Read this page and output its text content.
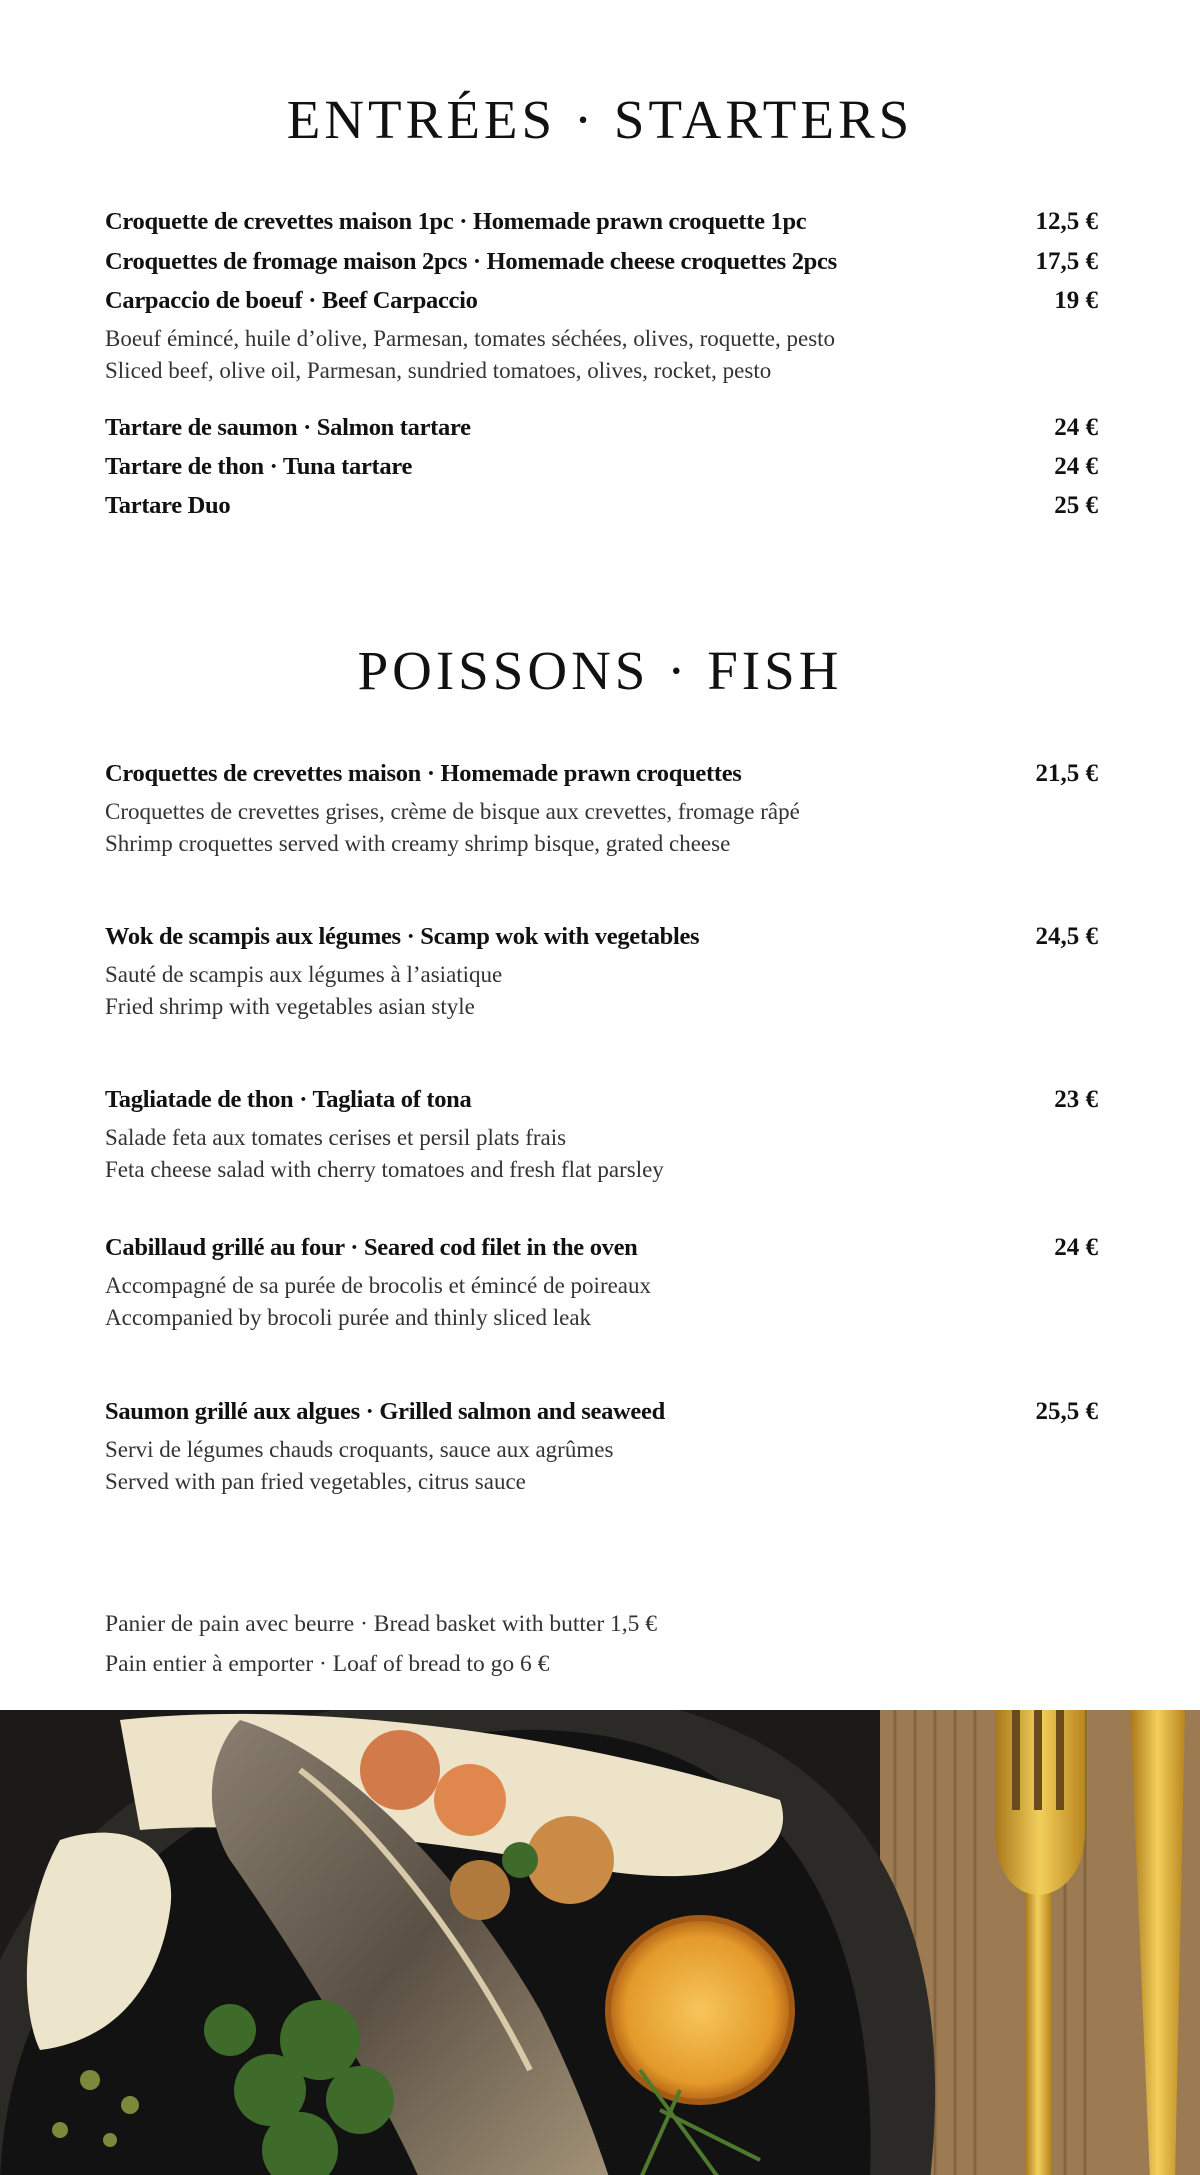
ENTRÉES · STARTERS
Croquette de crevettes maison 1pc · Homemade prawn croquette 1pc	12,5 €
Croquettes de fromage maison 2pcs · Homemade cheese croquettes 2pcs	17,5 €
Carpaccio de boeuf · Beef Carpaccio	19 €
Boeuf émincé, huile d’olive, Parmesan, tomates séchées, olives, roquette, pesto
Sliced beef, olive oil, Parmesan, sundried tomatoes, olives, rocket, pesto
Tartare de saumon · Salmon tartare	24 €
Tartare de thon · Tuna tartare	24 €
Tartare Duo	25 €
POISSONS · FISH
Croquettes de crevettes maison · Homemade prawn croquettes	21,5 €
Croquettes de crevettes grises, crème de bisque aux crevettes, fromage râpé
Shrimp croquettes served with creamy shrimp bisque, grated cheese
Wok de scampis aux légumes · Scamp wok with vegetables	24,5 €
Sauté de scampis aux légumes à l’asiatique
Fried shrimp with vegetables asian style
Tagliatade de thon · Tagliata of tona	23 €
Salade feta aux tomates cerises et persil plats frais
Feta cheese salad with cherry tomatoes and fresh flat parsley
Cabillaud grillé au four · Seared cod filet in the oven	24 €
Accompagné de sa purée de brocolis et émincé de poireaux
Accompanied by brocoli purée and thinly sliced leak
Saumon grillé aux algues · Grilled salmon and seaweed	25,5 €
Servi de légumes chauds croquants, sauce aux agrûmes
Served with pan fried vegetables, citrus sauce
Panier de pain avec beurre · Bread basket with butter 1,5 €
Pain entier à emporter · Loaf of bread to go 6 €
